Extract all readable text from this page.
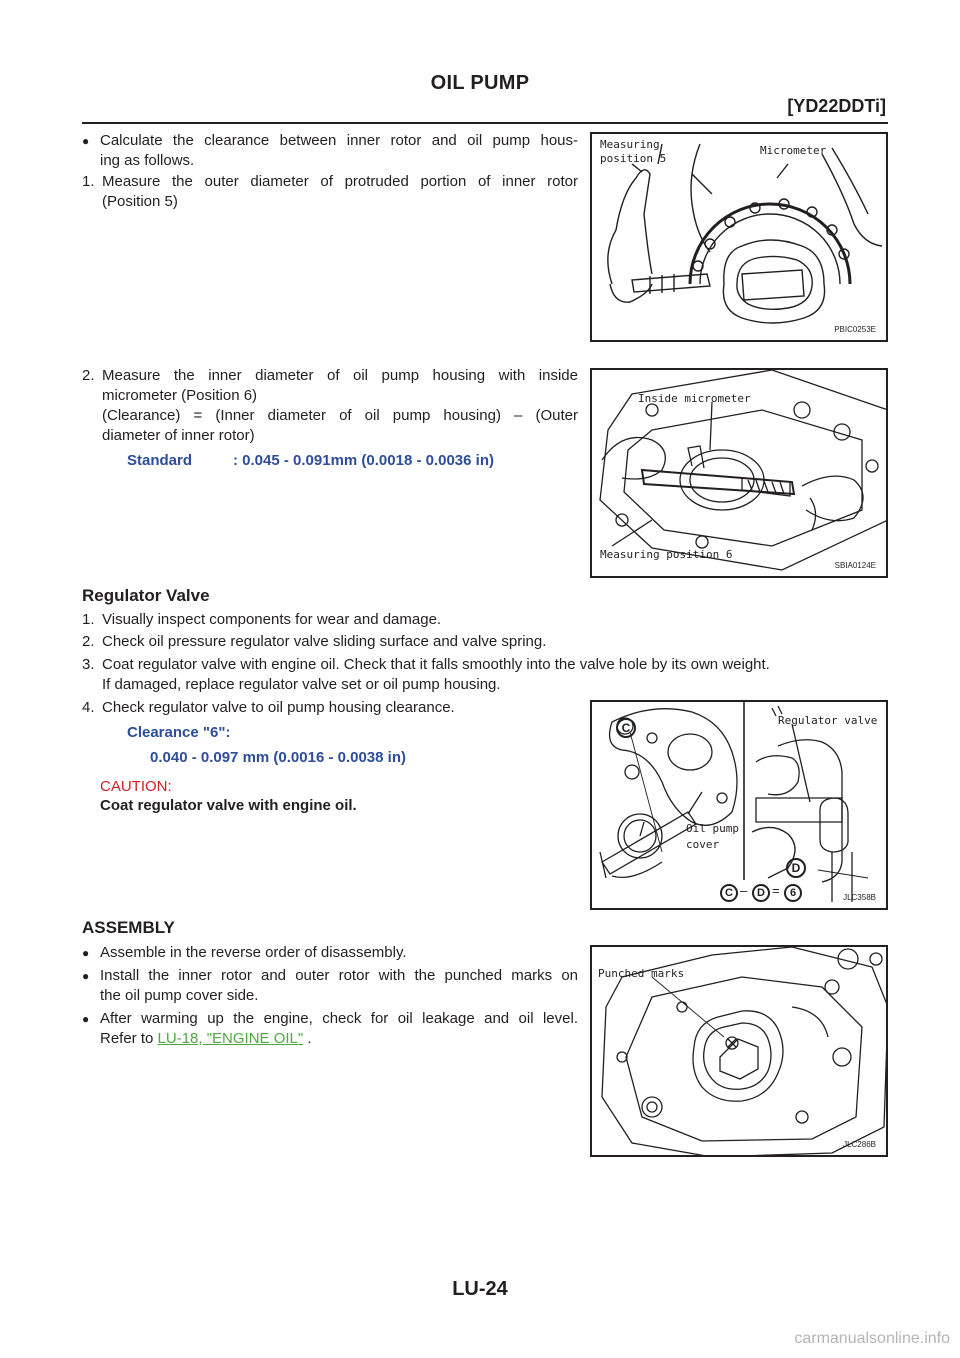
OIL PUMP
[YD22DDTi]
● Calculate the clearance between inner rotor and oil pump hous-
ing as follows.
1. Measure the outer diameter of protruded portion of inner rotor
(Position 5)
Measuring
position 5
Micrometer
PBIC0253E
2. Measure the inner diameter of oil pump housing with inside
micrometer (Position 6)
(Clearance) = (Inner diameter of oil pump housing) – (Outer
diameter of inner rotor)
Standard	: 0.045 - 0.091mm (0.0018 - 0.0036 in)
Inside micrometer
Measuring position 6
SBIA0124E
Regulator Valve
1. Visually inspect components for wear and damage.
2. Check oil pressure regulator valve sliding surface and valve spring.
3. Coat regulator valve with engine oil. Check that it falls smoothly into the valve hole by its own weight.
If damaged, replace regulator valve set or oil pump housing.
4. Check regulator valve to oil pump housing clearance.
Clearance "6":
0.040 - 0.097 mm (0.0016 - 0.0038 in)
CAUTION:
Coat regulator valve with engine oil.
Regulator valve
Oil pump
cover
C
D
C – D = 6	JLC358B
ASSEMBLY
● Assemble in the reverse order of disassembly.
● Install the inner rotor and outer rotor with the punched marks on
the oil pump cover side.
● After warming up the engine, check for oil leakage and oil level.
Refer to LU-18, "ENGINE OIL" .
Punched marks
JLC286B
LU-24
carmanualsonline.info
